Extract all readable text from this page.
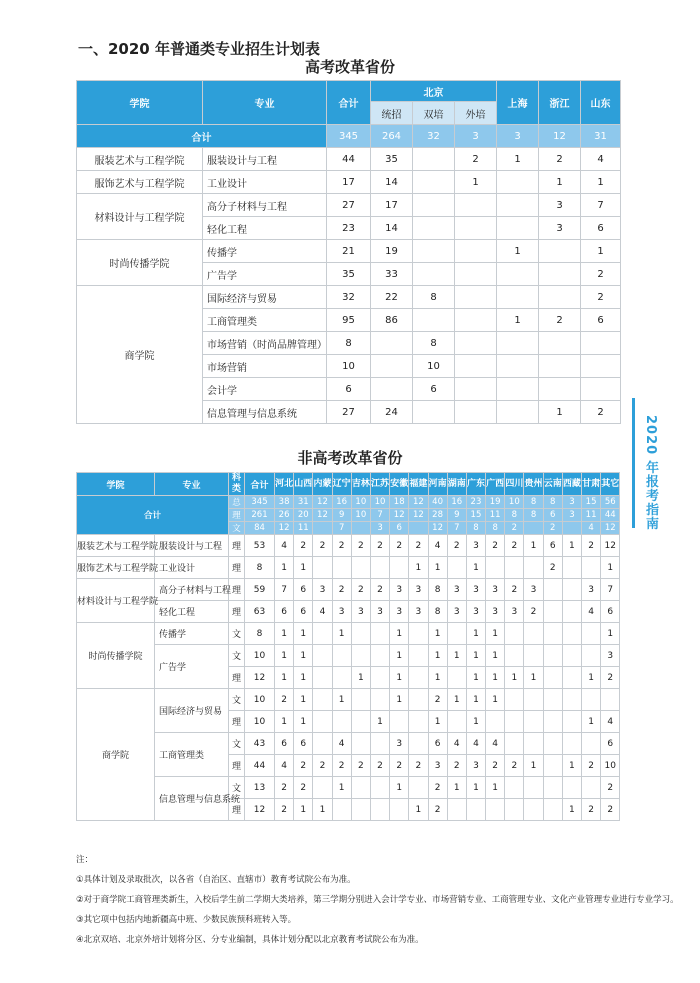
一、2020 年普通类专业招生计划表
高考改革省份
非高考改革省份	2020 年报考指南
学院	专业	合计	北京			上海	浙江	山东
			统招	双培	外培			
合计		345	264	32	3	3	12	31
服装艺术与工程学院	服装设计与工程	44	35		2	1	2	4
服饰艺术与工程学院	工业设计	17	14		1		1	1
材料设计与工程学院	高分子材料与工程	27	17				3	7
	轻化工程	23	14				3	6
时尚传播学院	传播学	21	19			1		1
	广告学	35	33					2
商学院	国际经济与贸易	32	22	8				2
	工商管理类	95	86			1	2	6
	市场营销（时尚品牌管理）	8		8				
	市场营销	10		10				
	会计学	6		6				
	信息管理与信息系统	27	24				1	2
学院	专业	科类	合计	河北	山西	内蒙	辽宁	吉林	江苏	安徽	福建	河南	湖南	广东	广西	四川	贵州	云南	西藏	甘肃	其它

合计		总	345	38	31	12	16	10	10	18	12	40	16	23	19	10	8	8	3	15	56
		理	261	26	20	12	9	10	7	12	12	28	9	15	11	8	8	6	3	11	44
		文	84	12	11		7		3	6		12	7	8	8	2		2		4	12
服装艺术与工程学院	服装设计与工程	理	53	4	2	2	2	2	2	2	2	4	2	3	2	2	1	6	1	2	12
服饰艺术与工程学院	工业设计	理	8	1	1						1	1		1				2			1
材料设计与工程学院	高分子材料与工程	理	59	7	6	3	2	2	2	3	3	8	3	3	3	2	3			3	7
	轻化工程	理	63	6	6	4	3	3	3	3	3	8	3	3	3	3	2			4	6
时尚传播学院	传播学	文	8	1	1		1			1		1		1	1						1
	广告学	文	10	1	1					1		1	1	1	1						3
		理	12	1	1			1		1		1		1	1	1	1			1	2
商学院	国际经济与贸易	文	10	2	1		1			1		2	1	1	1						
		理	10	1	1				1			1		1						1	4
	工商管理类	文	43	6	6		4			3		6	4	4	4						6
		理	44	4	2	2	2	2	2	2	2	3	2	3	2	2	1		1	2	10
	信息管理与信息系统	文	13	2	2		1			1		2	1	1	1						2
		理	12	2	1	1					1	2							1	2	2
注：
①具体计划及录取批次，以各省（自治区、直辖市）教育考试院公布为准。
②对于商学院工商管理类新生，入校后学生前二学期大类培养，第三学期分别进入会计学专业、市场营销专业、工商管理专业、文化产业管理专业进行专业学习。
③其它项中包括内地新疆高中班、少数民族预科班转入等。
④北京双培、北京外培计划将分区、分专业编制，具体计划分配以北京教育考试院公布为准。
